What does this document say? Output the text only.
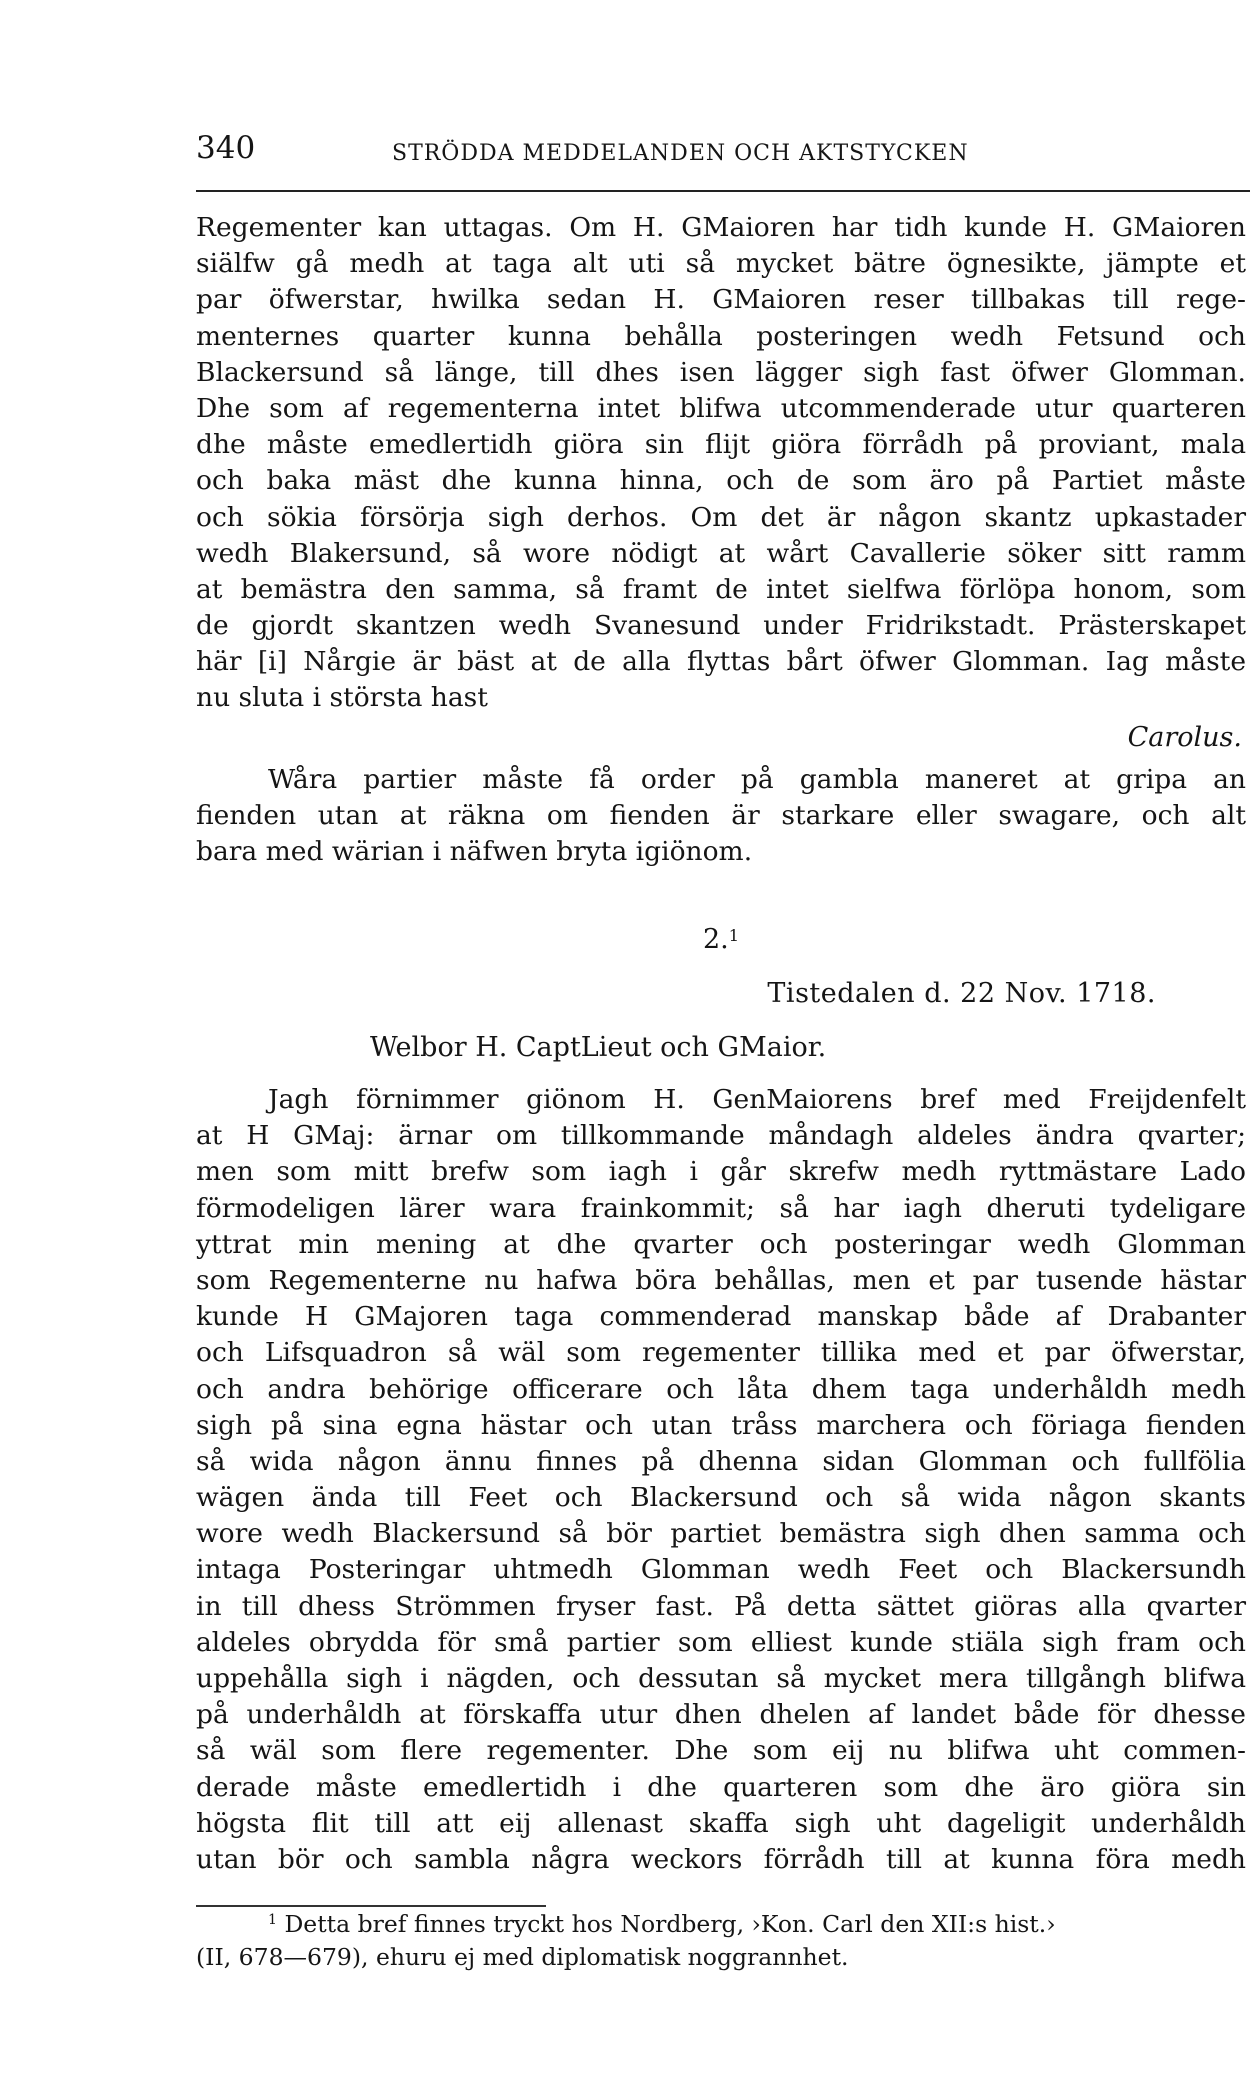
340	STRÖDDA MEDDELANDEN OCH AKTSTYCKEN
Regementer kan uttagas. Om H. GMaioren har tidh kunde H. GMaioren
siälfw gå medh at taga alt uti så mycket bätre ögnesikte, jämpte et
par öfwerstar, hwilka sedan H. GMaioren reser tillbakas till rege-
menternes quarter kunna behålla posteringen wedh Fetsund och
Blackersund så länge, till dhes isen lägger sigh fast öfwer Glomman.
Dhe som af regementerna intet blifwa utcommenderade utur quarteren
dhe måste emedlertidh giöra sin flijt giöra förrådh på proviant, mala
och baka mäst dhe kunna hinna, och de som äro på Partiet måste
och sökia försörja sigh derhos. Om det är någon skantz upkastader
wedh Blakersund, så wore nödigt at wårt Cavallerie söker sitt ramm
at bemästra den samma, så framt de intet sielfwa förlöpa honom, som
de gjordt skantzen wedh Svanesund under Fridrikstadt. Prästerskapet
här [i] Nårgie är bäst at de alla flyttas bårt öfwer Glomman. Iag måste
nu sluta i största hast
Carolus.
Wåra partier måste få order på gambla maneret at gripa an
fienden utan at räkna om fienden är starkare eller swagare, och alt
bara med wärian i näfwen bryta igiönom.
2.$^1$
Tistedalen d. 22 Nov. 1718.
Welbor H. CaptLieut och GMaior.
Jagh förnimmer giönom H. GenMaiorens bref med Freijdenfelt
at H GMaj: ärnar om tillkommande måndagh aldeles ändra qvarter;
men som mitt brefw som iagh i går skrefw medh ryttmästare Lado
förmodeligen lärer wara frainkommit; så har iagh dheruti tydeligare
yttrat min mening at dhe qvarter och posteringar wedh Glomman
som Regementerne nu hafwa böra behållas, men et par tusende hästar
kunde H GMajoren taga commenderad manskap både af Drabanter
och Lifsquadron så wäl som regementer tillika med et par öfwerstar,
och andra behörige officerare och låta dhem taga underhåldh medh
sigh på sina egna hästar och utan tråss marchera och föriaga fienden
så wida någon ännu finnes på dhenna sidan Glomman och fullfölia
wägen ända till Feet och Blackersund och så wida någon skants
wore wedh Blackersund så bör partiet bemästra sigh dhen samma och
intaga Posteringar uhtmedh Glomman wedh Feet och Blackersundh
in till dhess Strömmen fryser fast. På detta sättet giöras alla qvarter
aldeles obrydda för små partier som elliest kunde stiäla sigh fram och
uppehålla sigh i nägden, och dessutan så mycket mera tillgångh blifwa
på underhåldh at förskaffa utur dhen dhelen af landet både för dhesse
så wäl som flere regementer. Dhe som eij nu blifwa uht commen-
derade måste emedlertidh i dhe quarteren som dhe äro giöra sin
högsta flit till att eij allenast skaffa sigh uht dageligit underhåldh
utan bör och sambla några weckors förrådh till at kunna föra medh
$^1$ Detta bref finnes tryckt hos Nordberg, ›Kon. Carl den XII:s hist.›
(II, 678—679), ehuru ej med diplomatisk noggrannhet.
